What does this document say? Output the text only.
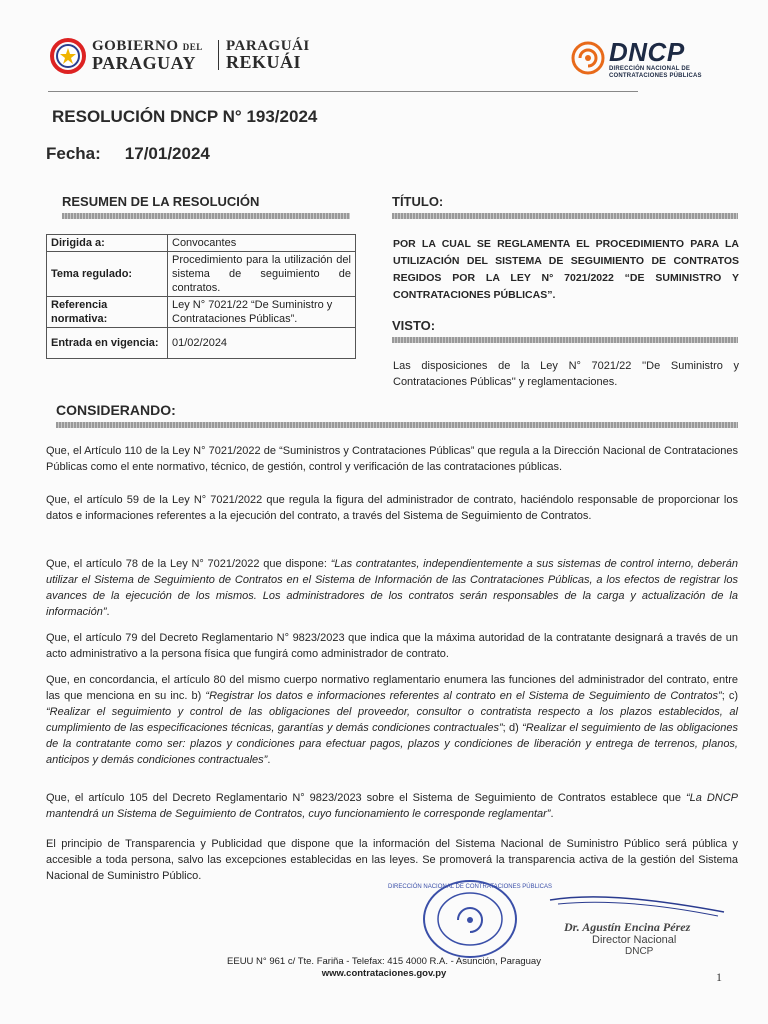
GOBIERNO DEL
PARAGUAY
PARAGUÁI
REKUÁI	DNCP
DIRECCIÓN NACIONAL DE
CONTRATACIONES PÚBLICAS
RESOLUCIÓN DNCP N° 193/2024
Fecha: 17/01/2024
RESUMEN DE LA RESOLUCIÓN
Dirigida a:	Convocantes
Tema regulado:	Procedimiento para la utilización del sistema de seguimiento de contratos.
Referencia normativa:	Ley N° 7021/22 “De Suministro y Contrataciones Públicas”.
Entrada en vigencia:	01/02/2024
TÍTULO:
POR LA CUAL SE REGLAMENTA EL PROCEDIMIENTO PARA LA UTILIZACIÓN DEL SISTEMA DE SEGUIMIENTO DE CONTRATOS REGIDOS POR LA LEY N° 7021/2022 “DE SUMINISTRO Y CONTRATACIONES PÚBLICAS”.
VISTO:
Las disposiciones de la Ley N° 7021/22 ''De Suministro y Contrataciones Públicas'' y reglamentaciones.
CONSIDERANDO:
Que, el Artículo 110 de la Ley N° 7021/2022 de “Suministros y Contrataciones Públicas” que regula a la Dirección Nacional de Contrataciones Públicas como el ente normativo, técnico, de gestión, control y verificación de las contrataciones públicas.
Que, el artículo 59 de la Ley N° 7021/2022 que regula la figura del administrador de contrato, haciéndolo responsable de proporcionar los datos e informaciones referentes a la ejecución del contrato, a través del Sistema de Seguimiento de Contratos.
Que, el artículo 78 de la Ley N° 7021/2022 que dispone: “Las contratantes, independientemente a sus sistemas de control interno, deberán utilizar el Sistema de Seguimiento de Contratos en el Sistema de Información de las Contrataciones Públicas, a los efectos de registrar los avances de la ejecución de los mismos. Los administradores de los contratos serán responsables de la carga y actualización de la información”.
Que, el artículo 79 del Decreto Reglamentario N° 9823/2023 que indica que la máxima autoridad de la contratante designará a través de un acto administrativo a la persona física que fungirá como administrador de contrato.
Que, en concordancia, el artículo 80 del mismo cuerpo normativo reglamentario enumera las funciones del administrador del contrato, entre las que menciona en su inc. b) “Registrar los datos e informaciones referentes al contrato en el Sistema de Seguimiento de Contratos”; c) “Realizar el seguimiento y control de las obligaciones del proveedor, consultor o contratista respecto a los plazos establecidos, al cumplimiento de las especificaciones técnicas, garantías y demás condiciones contractuales”; d) “Realizar el seguimiento de las obligaciones de la contratante como ser: plazos y condiciones para efectuar pagos, plazos y condiciones de liberación y entrega de terrenos, planos, anticipos y demás condiciones contractuales”.
Que, el artículo 105 del Decreto Reglamentario N° 9823/2023 sobre el Sistema de Seguimiento de Contratos establece que “La DNCP mantendrá un Sistema de Seguimiento de Contratos, cuyo funcionamiento le corresponde reglamentar”.
El principio de Transparencia y Publicidad que dispone que la información del Sistema Nacional de Suministro Público será pública y accesible a toda persona, salvo las excepciones establecidas en las leyes. Se promoverá la transparencia activa de la gestión del Sistema Nacional de Suministro Público.
DIRECCIÓN NACIONAL DE CONTRATACIONES PÚBLICAS
Dr. Agustín Encina Pérez
Director Nacional
DNCP
EEUU N° 961 c/ Tte. Fariña - Telefax: 415 4000 R.A. - Asunción, Paraguay
www.contrataciones.gov.py	1
